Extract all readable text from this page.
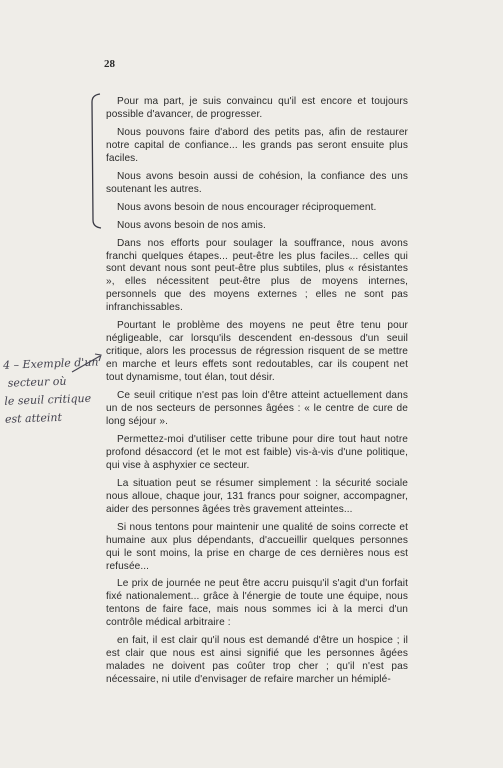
28

Pour ma part, je suis convaincu qu'il est encore et toujours possible d'avancer, de progresser.

Nous pouvons faire d'abord des petits pas, afin de restaurer notre capital de confiance... les grands pas seront ensuite plus faciles.

Nous avons besoin aussi de cohésion, la confiance des uns soutenant les autres.

Nous avons besoin de nous encourager réciproquement.

Nous avons besoin de nos amis.

Dans nos efforts pour soulager la souffrance, nous avons franchi quelques étapes... peut-être les plus faciles... celles qui sont devant nous sont peut-être plus subtiles, plus « résistantes », elles nécessitent peut-être plus de moyens internes, personnels que des moyens externes ; elles ne sont pas infranchissables.

Pourtant le problème des moyens ne peut être tenu pour négligeable, car lorsqu'ils descendent en-dessous d'un seuil critique, alors les processus de régression risquent de se mettre en marche et leurs effets sont redoutables, car ils coupent net tout dynamisme, tout élan, tout désir.

Ce seuil critique n'est pas loin d'être atteint actuellement dans un de nos secteurs de personnes âgées : « le centre de cure de long séjour ».

Permettez-moi d'utiliser cette tribune pour dire tout haut notre profond désaccord (et le mot est faible) vis-à-vis d'une politique, qui vise à asphyxier ce secteur.

La situation peut se résumer simplement : la sécurité sociale nous alloue, chaque jour, 131 francs pour soigner, accompagner, aider des personnes âgées très gravement atteintes...

Si nous tentons pour maintenir une qualité de soins correcte et humaine aux plus dépendants, d'accueillir quelques personnes qui le sont moins, la prise en charge de ces dernières nous est refusée...

Le prix de journée ne peut être accru puisqu'il s'agit d'un forfait fixé nationalement... grâce à l'énergie de toute une équipe, nous tentons de faire face, mais nous sommes ici à la merci d'un contrôle médical arbitraire :

en fait, il est clair qu'il nous est demandé d'être un hospice ; il est clair que nous est ainsi signifié que les personnes âgées malades ne doivent pas coûter trop cher ; qu'il n'est pas nécessaire, ni utile d'envisager de refaire marcher un hémiplé-

4 – Exemple d'un
secteur où
le seuil critique
est atteint
